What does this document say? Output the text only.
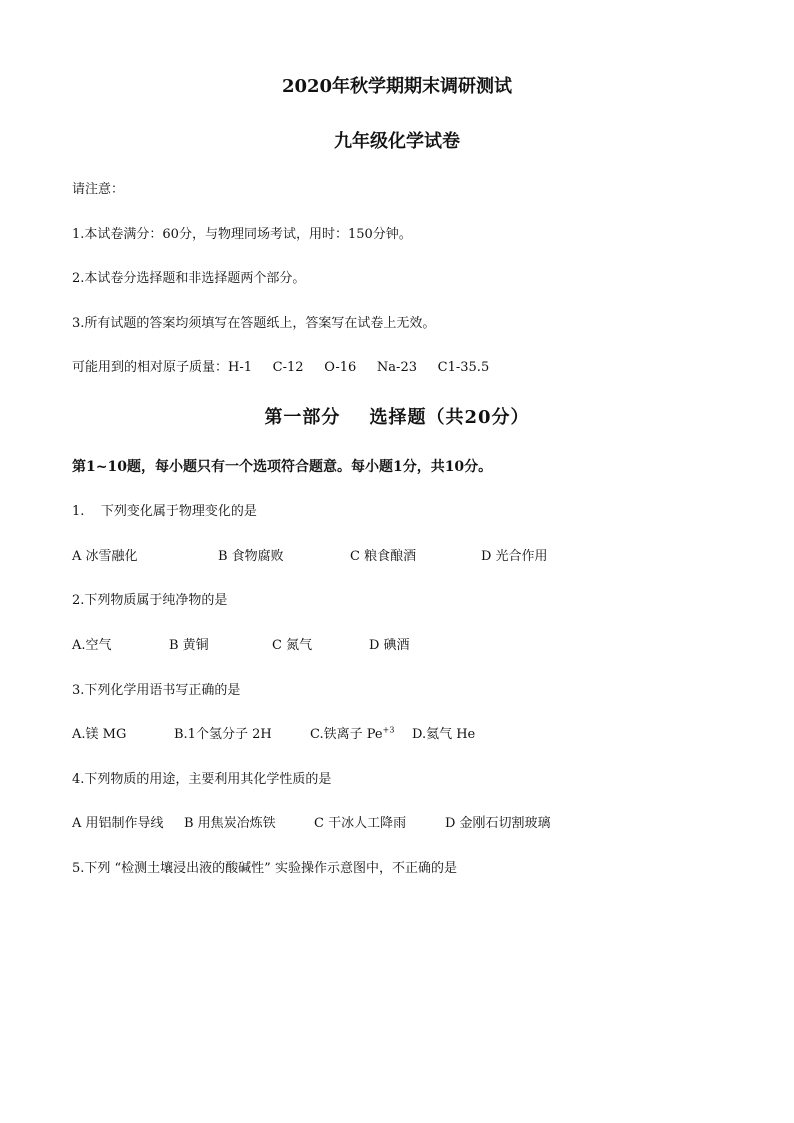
2020年秋学期期末调研测试
九年级化学试卷
请注意：
1.本试卷满分：60分，与物理同场考试，用时：150分钟。
2.本试卷分选择题和非选择题两个部分。
3.所有试题的答案均须填写在答题纸上，答案写在试卷上无效。
可能用到的相对原子质量：H-1     C-12     O-16     Na-23     C1-35.5
第一部分    选择题（共20分）
第1~10题，每小题只有一个选项符合题意。每小题1分，共10分。
1.    下列变化属于物理变化的是
A 冰雪融化	B 食物腐败	C 粮食酿酒	D 光合作用
2.下列物质属于纯净物的是
A.空气	B 黄铜	C 氮气	D 碘酒
3.下列化学用语书写正确的是
A.镁 MG	B.1个氢分子 2H	C.铁离子 $Pe^{+3}$ D.氦气 He
4.下列物质的用途，主要利用其化学性质的是
A 用铝制作导线 B 用焦炭冶炼铁	C 干冰人工降雨	D 金刚石切割玻璃
5.下列 “检测土壤浸出液的酸碱性” 实验操作示意图中，不正确的是
